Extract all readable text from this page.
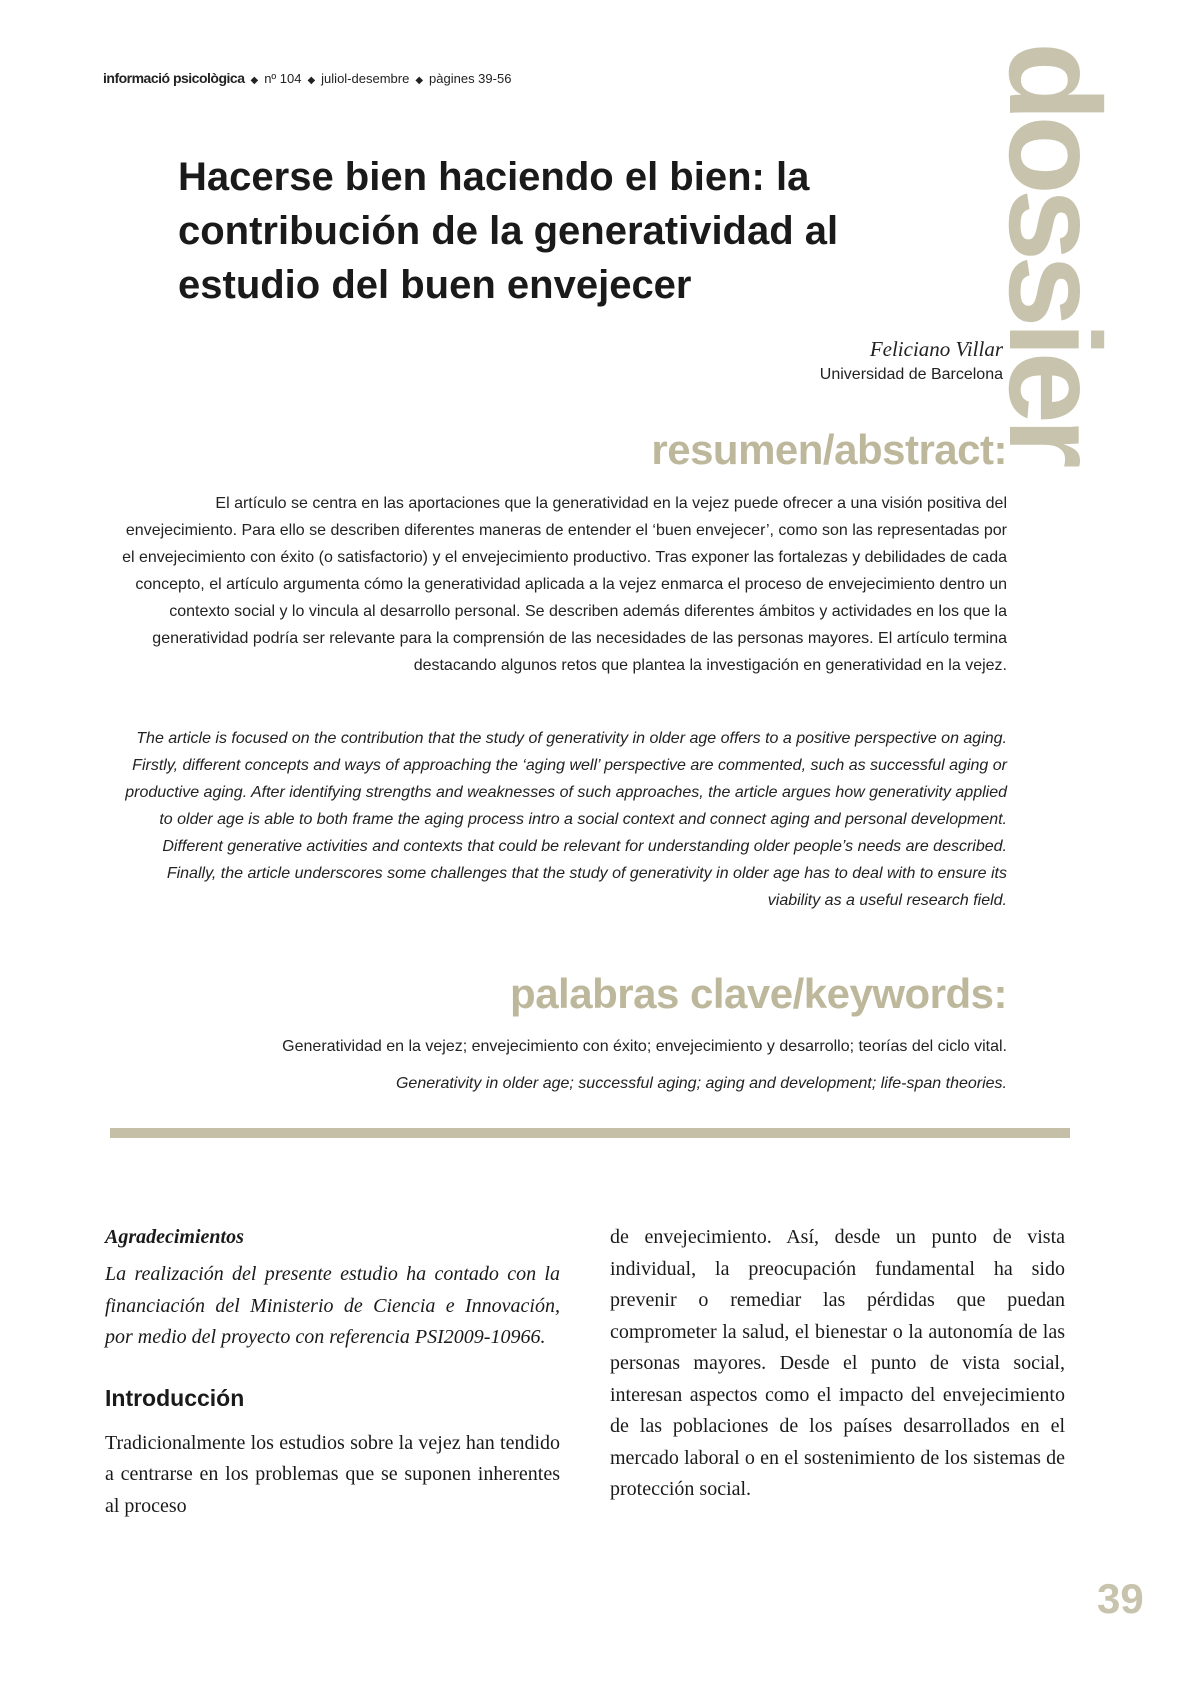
informació psicològica ◆ nº 104 ◆ juliol-desembre ◆ pàgines 39-56	dossier
Hacerse bien haciendo el bien: la contribución de la generatividad al estudio del buen envejecer
Feliciano Villar
Universidad de Barcelona
resumen/abstract:

El artículo se centra en las aportaciones que la generatividad en la vejez puede ofrecer a una visión positiva del envejecimiento. Para ello se describen diferentes maneras de entender el ‘buen envejecer’, como son las representadas por el envejecimiento con éxito (o satisfactorio) y el envejecimiento productivo. Tras exponer las fortalezas y debilidades de cada concepto, el artículo argumenta cómo la generatividad aplicada a la vejez enmarca el proceso de envejecimiento dentro un contexto social y lo vincula al desarrollo personal. Se describen además diferentes ámbitos y actividades en los que la generatividad podría ser relevante para la comprensión de las necesidades de las personas mayores. El artículo termina destacando algunos retos que plantea la investigación en generatividad en la vejez.

The article is focused on the contribution that the study of generativity in older age offers to a positive perspective on aging. Firstly, different concepts and ways of approaching the ‘aging well’ perspective are commented, such as successful aging or productive aging. After identifying strengths and weaknesses of such approaches, the article argues how generativity applied to older age is able to both frame the aging process intro a social context and connect aging and personal development. Different generative activities and contexts that could be relevant for understanding older people’s needs are described. Finally, the article underscores some challenges that the study of generativity in older age has to deal with to ensure its viability as a useful research field.

palabras clave/keywords:
Generatividad en la vejez; envejecimiento con éxito; envejecimiento y desarrollo; teorías del ciclo vital.
Generativity in older age; successful aging; aging and development; life-span theories.
Agradecimientos

La realización del presente estudio ha contado con la financiación del Ministerio de Ciencia e Innovación, por medio del proyecto con referencia PSI2009-10966.

Introducción

Tradicionalmente los estudios sobre la vejez han tendido a centrarse en los problemas que se suponen inherentes al proceso

de envejecimiento. Así, desde un punto de vista individual, la preocupación fundamental ha sido prevenir o remediar las pérdidas que puedan comprometer la salud, el bienestar o la autonomía de las personas mayores. Desde el punto de vista social, interesan aspectos como el impacto del envejecimiento de las poblaciones de los países desarrollados en el mercado laboral o en el sostenimiento de los sistemas de protección social.

39
